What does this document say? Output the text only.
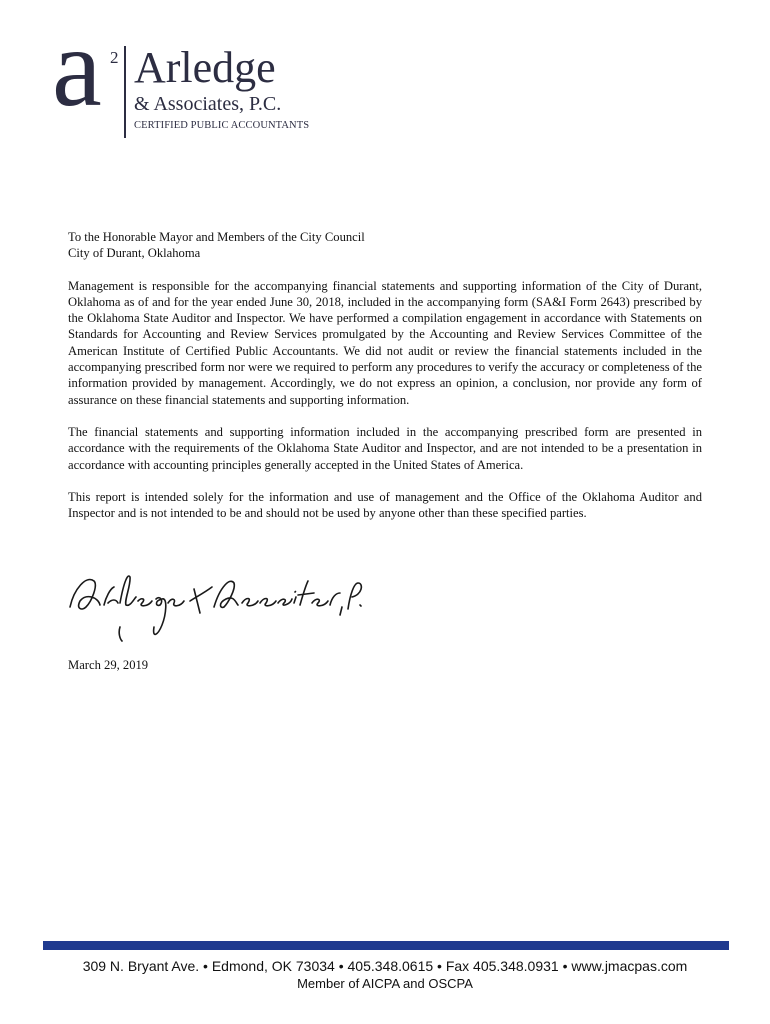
a 2 Arledge
& Associates, P.C.
CERTIFIED PUBLIC ACCOUNTANTS

To the Honorable Mayor and Members of the City Council
City of Durant, Oklahoma

Management is responsible for the accompanying financial statements and supporting information of the City of Durant, Oklahoma as of and for the year ended June 30, 2018, included in the accompanying form (SA&I Form 2643) prescribed by the Oklahoma State Auditor and Inspector. We have performed a compilation engagement in accordance with Statements on Standards for Accounting and Review Services promulgated by the Accounting and Review Services Committee of the American Institute of Certified Public Accountants. We did not audit or review the financial statements included in the accompanying prescribed form nor were we required to perform any procedures to verify the accuracy or completeness of the information provided by management. Accordingly, we do not express an opinion, a conclusion, nor provide any form of assurance on these financial statements and supporting information.

The financial statements and supporting information included in the accompanying prescribed form are presented in accordance with the requirements of the Oklahoma State Auditor and Inspector, and are not intended to be a presentation in accordance with accounting principles generally accepted in the United States of America.

This report is intended solely for the information and use of management and the Office of the Oklahoma Auditor and Inspector and is not intended to be and should not be used by anyone other than these specified parties.

March 29, 2019
309 N. Bryant Ave. • Edmond, OK 73034 • 405.348.0615 • Fax 405.348.0931 • www.jmacpas.com
Member of AICPA and OSCPA
